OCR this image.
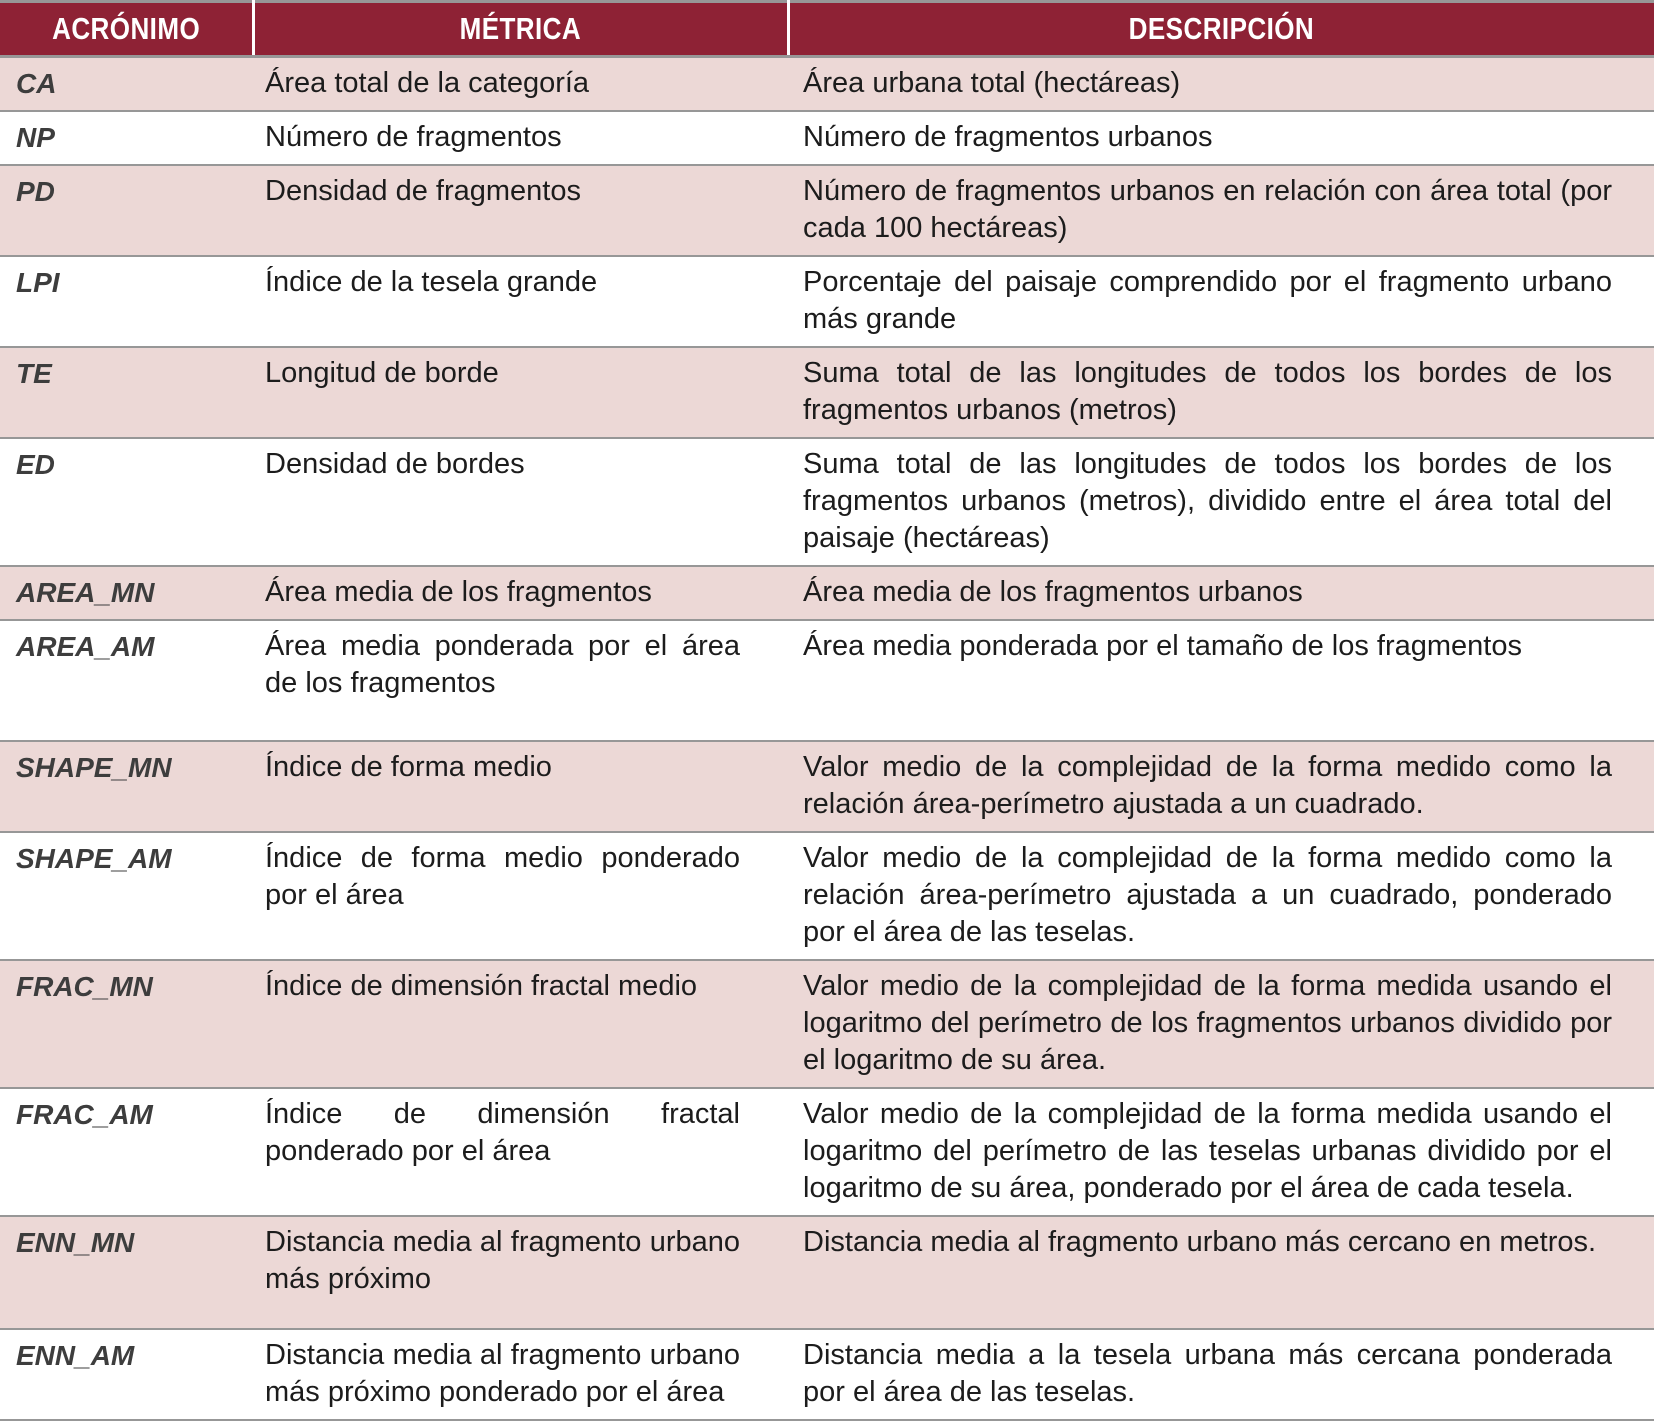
ACRÓNIMO	MÉTRICA	DESCRIPCIÓN
CA	Área total de la categoría	Área urbana total (hectáreas)
NP	Número de fragmentos	Número de fragmentos urbanos
PD	Densidad de fragmentos	Número de fragmentos urbanos en relación con área total (por cada 100 hectáreas)
LPI	Índice de la tesela grande	Porcentaje del paisaje comprendido por el fragmento urbano más grande
TE	Longitud de borde	Suma total de las longitudes de todos los bordes de los fragmentos urbanos (metros)
ED	Densidad de bordes	Suma total de las longitudes de todos los bordes de los fragmentos urbanos (metros), dividido entre el área total del paisaje (hectáreas)
AREA_MN	Área media de los fragmentos	Área media de los fragmentos urbanos
AREA_AM	Área media ponderada por el área de los fragmentos	Área media ponderada por el tamaño de los fragmentos
SHAPE_MN	Índice de forma medio	Valor medio de la complejidad de la forma medido como la relación área-perímetro ajustada a un cuadrado.
SHAPE_AM	Índice de forma medio ponderado por el área	Valor medio de la complejidad de la forma medido como la relación área-perímetro ajustada a un cuadrado, ponderado por el área de las teselas.
FRAC_MN	Índice de dimensión fractal medio	Valor medio de la complejidad de la forma medida usando el logaritmo del perímetro de los fragmentos urbanos dividido por el logaritmo de su área.
FRAC_AM	Índice de dimensión fractal ponderado por el área	Valor medio de la complejidad de la forma medida usando el logaritmo del perímetro de las teselas urbanas dividido por el logaritmo de su área, ponderado por el área de cada tesela.
ENN_MN	Distancia media al fragmento urbano más próximo	Distancia media al fragmento urbano más cercano en metros.
ENN_AM	Distancia media al fragmento urbano más próximo ponderado por el área	Distancia media a la tesela urbana más cercana ponderada por el área de las teselas.
